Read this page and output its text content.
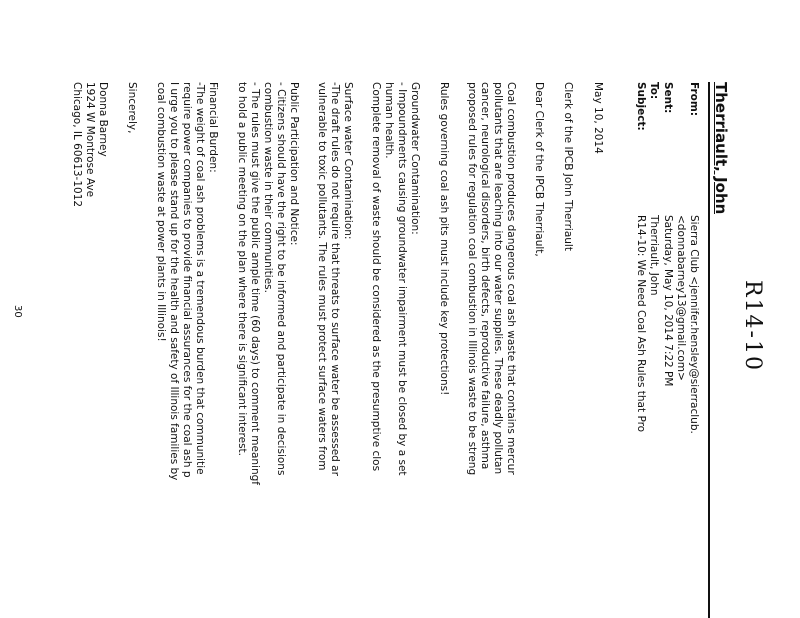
R14-10
Therriault, John
From:
Sierra Club <jennifer.hensley@sierraclub.
<donnabarney13@gmail.com>
Sent:
Saturday, May 10, 2014 7:22 PM
To:
Therriault, John
Subject:
R14-10: We Need Coal Ash Rules that Pro
May 10, 2014
Clerk of the IPCB John Therriault
Dear Clerk of the IPCB Therriault,
Coal combustion produces dangerous coal ash waste that contains mercur
pollutants that are leaching into our water supplies. These deadly pollutan
cancer, neurological disorders, birth defects, reproductive failure, asthma
proposed rules for regulation coal combustion in Illinois waste to be streng
Rules governing coal ash pits must include key protections!
Groundwater Contamination:
- Impoundments causing groundwater impairment must be closed by a set
human health.
Complete removal of waste should be considered as the presumptive clos
Surface water Contamination:
-The draft rules do not require that threats to surface water be assessed ar
vulnerable to toxic pollutants. The rules must protect surface waters from
Public Participation and Notice:
- Citizens should have the right to be informed and participate in decisions
combustion waste in their communities.
- The rules must give the public ample time (60 days) to comment meaningf
to hold a public meeting on the plan where there is significant interest.
Financial Burden:
-The weight of coal ash problems is a tremendous burden that communitie
require power companies to provide financial assurances for the coal ash p
I urge you to please stand up for the health and safety of Illinois families by
coal combustion waste at power plants in Illinois!
Sincerely,
Donna Barney
1924 W Montrose Ave
Chicago, IL 60613-1012
30
